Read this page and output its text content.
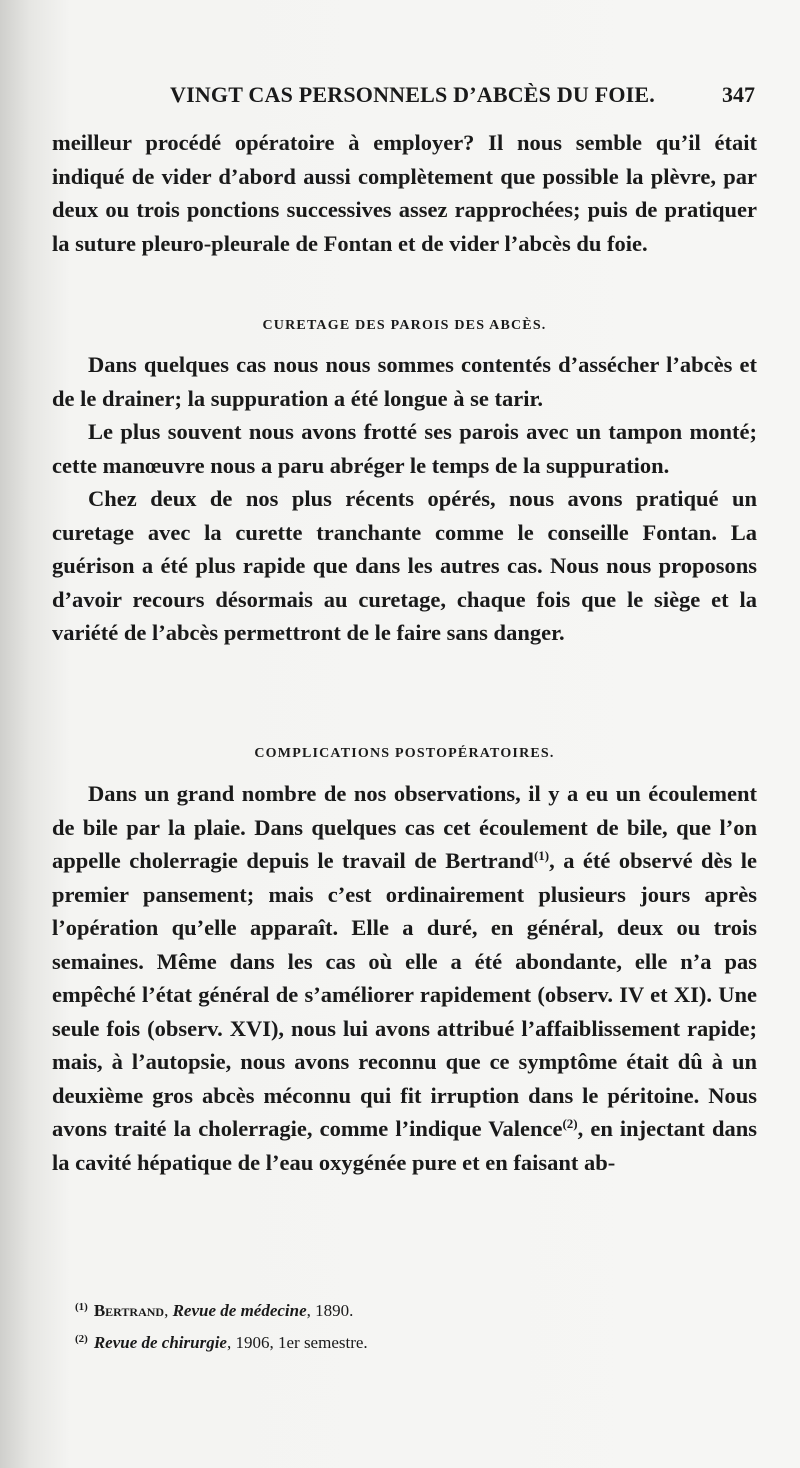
VINGT CAS PERSONNELS D’ABCÈS DU FOIE.	347

meilleur procédé opératoire à employer? Il nous semble qu’il était indiqué de vider d’abord aussi complètement que possible la plèvre, par deux ou trois ponctions successives assez rapprochées; puis de pratiquer la suture pleuro-pleurale de Fontan et de vider l’abcès du foie.

CURETAGE DES PAROIS DES ABCÈS.

Dans quelques cas nous nous sommes contentés d’assécher l’abcès et de le drainer; la suppuration a été longue à se tarir.

Le plus souvent nous avons frotté ses parois avec un tampon monté; cette manœuvre nous a paru abréger le temps de la suppuration.

Chez deux de nos plus récents opérés, nous avons pratiqué un curetage avec la curette tranchante comme le conseille Fontan. La guérison a été plus rapide que dans les autres cas. Nous nous proposons d’avoir recours désormais au curetage, chaque fois que le siège et la variété de l’abcès permettront de le faire sans danger.

COMPLICATIONS POSTOPÉRATOIRES.

Dans un grand nombre de nos observations, il y a eu un écoulement de bile par la plaie. Dans quelques cas cet écoulement de bile, que l’on appelle cholerragie depuis le travail de Bertrand$^{(1)}$, a été observé dès le premier pansement; mais c’est ordinairement plusieurs jours après l’opération qu’elle apparaît. Elle a duré, en général, deux ou trois semaines. Même dans les cas où elle a été abondante, elle n’a pas empêché l’état général de s’améliorer rapidement (observ. IV et XI). Une seule fois (observ. XVI), nous lui avons attribué l’affaiblissement rapide; mais, à l’autopsie, nous avons reconnu que ce symptôme était dû à un deuxième gros abcès méconnu qui fit irruption dans le péritoine. Nous avons traité la cholerragie, comme l’indique Valence$^{(2)}$, en injectant dans la cavité hépatique de l’eau oxygénée pure et en faisant ab-

$^{(1)}$ Bertrand, Revue de médecine, 1890.
$^{(2)}$ Revue de chirurgie, 1906, 1er semestre.
